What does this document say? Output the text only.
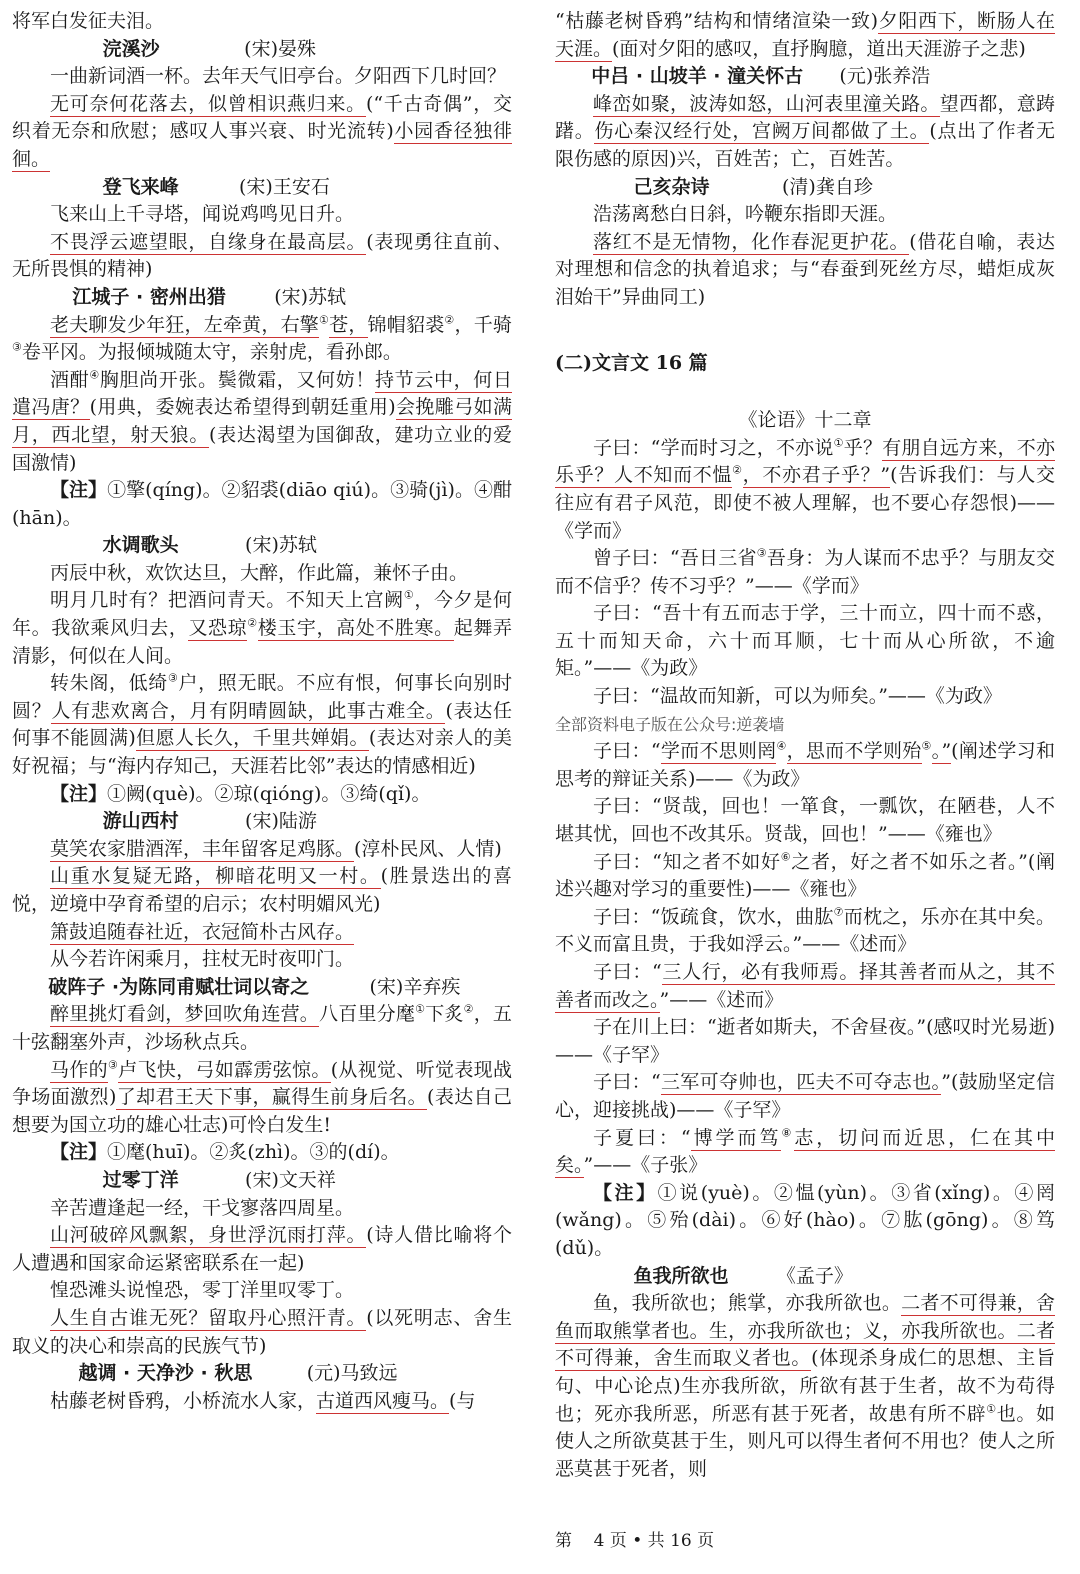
将军白发征夫泪。

浣溪沙	(宋)晏殊

一曲新词酒一杯。去年天气旧亭台。夕阳西下几时回？

无可奈何花落去，似曾相识燕归来。(“千古奇偶”，交织着无奈和欣慰；感叹人事兴衰、时光流转)小园香径独徘徊。

登飞来峰	(宋)王安石

飞来山上千寻塔，闻说鸡鸣见日升。

不畏浮云遮望眼，自缘身在最高层。(表现勇往直前、无所畏惧的精神)

江城子 · 密州出猎	(宋)苏轼

老夫聊发少年狂，左牵黄，右擎①苍，锦帽貂裘②，千骑③卷平冈。为报倾城随太守，亲射虎，看孙郎。

酒酣④胸胆尚开张。鬓微霜，又何妨！持节云中，何日遣冯唐？(用典，委婉表达希望得到朝廷重用)会挽雕弓如满月，西北望，射天狼。(表达渴望为国御敌，建功立业的爱国激情)

【注】①擎(qíng)。②貂裘(diāo qiú)。③骑(jì)。④酣(hān)。

水调歌头	(宋)苏轼

丙辰中秋，欢饮达旦，大醉，作此篇，兼怀子由。

明月几时有？把酒问青天。不知天上宫阙①，今夕是何年。我欲乘风归去，又恐琼②楼玉宇，高处不胜寒。起舞弄清影，何似在人间。

转朱阁，低绮③户，照无眠。不应有恨，何事长向别时圆？人有悲欢离合，月有阴晴圆缺，此事古难全。(表达任何事不能圆满)但愿人长久，千里共婵娟。(表达对亲人的美好祝福；与“海内存知己，天涯若比邻”表达的情感相近)

【注】①阙(què)。②琼(qióng)。③绮(qǐ)。

游山西村	(宋)陆游

莫笑农家腊酒浑，丰年留客足鸡豚。(淳朴民风、人情)

山重水复疑无路，柳暗花明又一村。(胜景迭出的喜悦，逆境中孕育希望的启示；农村明媚风光)

箫鼓追随春社近，衣冠简朴古风存。

从今若许闲乘月，拄杖无时夜叩门。

破阵子 ·为陈同甫赋壮词以寄之	(宋)辛弃疾

醉里挑灯看剑，梦回吹角连营。八百里分麾①下炙②，五十弦翻塞外声，沙场秋点兵。

马作的③卢飞快，弓如霹雳弦惊。(从视觉、听觉表现战争场面激烈)了却君王天下事，赢得生前身后名。(表达自己想要为国立功的雄心壮志)可怜白发生!

【注】①麾(huī)。②炙(zhì)。③的(dí)。

过零丁洋	(宋)文天祥

辛苦遭逢起一经，干戈寥落四周星。

山河破碎风飘絮，身世浮沉雨打萍。(诗人借比喻将个人遭遇和国家命运紧密联系在一起)

惶恐滩头说惶恐，零丁洋里叹零丁。

人生自古谁无死？留取丹心照汗青。(以死明志、舍生取义的决心和崇高的民族气节)

越调 · 天净沙 · 秋思	(元)马致远

枯藤老树昏鸦，小桥流水人家，古道西风瘦马。(与

“枯藤老树昏鸦”结构和情绪渲染一致)夕阳西下，断肠人在天涯。(面对夕阳的感叹，直抒胸臆，道出天涯游子之悲)

中吕 · 山坡羊 · 潼关怀古 (元)张养浩

峰峦如聚，波涛如怒，山河表里潼关路。望西都，意踌躇。伤心秦汉经行处，宫阙万间都做了土。(点出了作者无限伤感的原因)兴，百姓苦；亡，百姓苦。

己亥杂诗	(清)龚自珍

浩荡离愁白日斜，吟鞭东指即天涯。

落红不是无情物，化作春泥更护花。(借花自喻，表达对理想和信念的执着追求；与“春蚕到死丝方尽，蜡炬成灰泪始干”异曲同工)

(二)文言文 16 篇

《论语》十二章

子曰：“学而时习之，不亦说①乎？有朋自远方来，不亦乐乎？人不知而不愠②，不亦君子乎？”(告诉我们：与人交往应有君子风范，即使不被人理解，也不要心存怨恨)——《学而》

曾子曰：“吾日三省③吾身：为人谋而不忠乎？与朋友交而不信乎？传不习乎？”——《学而》

子曰：“吾十有五而志于学，三十而立，四十而不惑，五十而知天命，六十而耳顺，七十而从心所欲，不逾矩。”——《为政》

子曰：“温故而知新，可以为师矣。”——《为政》

全部资料电子版在公众号:逆袭墙

子曰：“学而不思则罔④，思而不学则殆⑤。”(阐述学习和思考的辩证关系)——《为政》

子曰：“贤哉，回也！一箪食，一瓢饮，在陋巷，人不堪其忧，回也不改其乐。贤哉，回也！”——《雍也》

子曰：“知之者不如好⑥之者，好之者不如乐之者。”(阐述兴趣对学习的重要性)——《雍也》

子曰：“饭疏食，饮水，曲肱⑦而枕之，乐亦在其中矣。不义而富且贵，于我如浮云。”——《述而》

子曰：“三人行，必有我师焉。择其善者而从之，其不善者而改之。”——《述而》

子在川上曰：“逝者如斯夫，不舍昼夜。”(感叹时光易逝)——《子罕》

子曰：“三军可夺帅也，匹夫不可夺志也。”(鼓励坚定信心，迎接挑战)——《子罕》

子夏曰：“博学而笃⑧志，切问而近思，仁在其中矣。”——《子张》

【注】①说(yuè)。②愠(yùn)。③省(xǐng)。④罔(wǎng)。⑤殆(dài)。⑥好(hào)。⑦肱(gōng)。⑧笃(dǔ)。

鱼我所欲也	《孟子》

鱼，我所欲也；熊掌，亦我所欲也。二者不可得兼，舍鱼而取熊掌者也。生，亦我所欲也；义，亦我所欲也。二者不可得兼，舍生而取义者也。(体现杀身成仁的思想、主旨句、中心论点)生亦我所欲，所欲有甚于生者，故不为苟得也；死亦我所恶，所恶有甚于死者，故患有所不辟①也。如使人之所欲莫甚于生，则凡可以得生者何不用也？使人之所恶莫甚于死者，则

第    4 页 • 共 16 页
